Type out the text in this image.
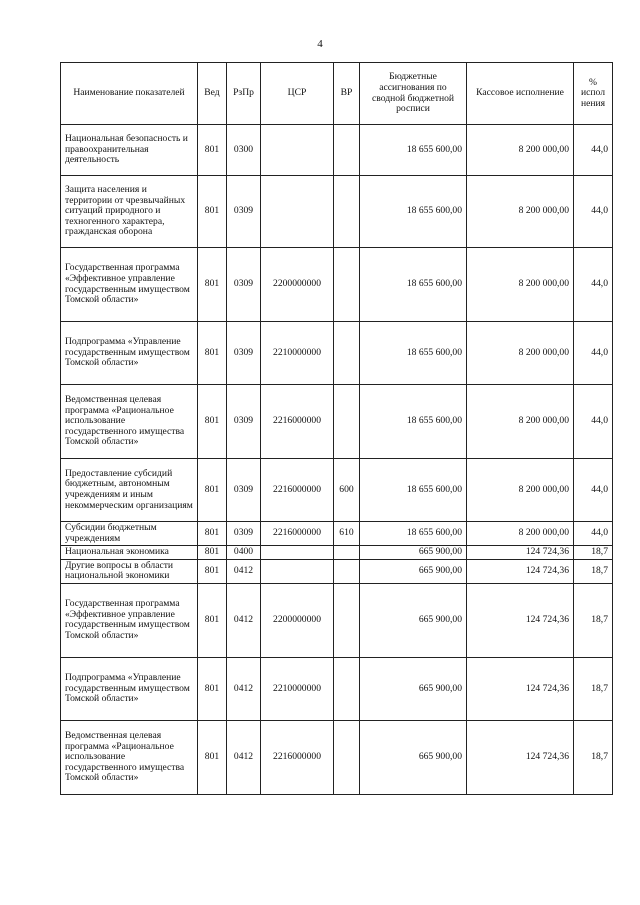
4
Наименование показателей	Вед	РзПр	ЦСР	ВР	Бюджетные ассигнования по сводной бюджетной росписи	Кассовое исполнение	% испол нения
Национальная безопасность и правоохранительная деятельность	801	0300			18 655 600,00	8 200 000,00	44,0
Защита населения и территории от чрезвычайных ситуаций природного и техногенного характера, гражданская оборона	801	0309			18 655 600,00	8 200 000,00	44,0
Государственная программа «Эффективное управление государственным имуществом Томской области»	801	0309	2200000000		18 655 600,00	8 200 000,00	44,0
Подпрограмма «Управление государственным имуществом Томской области»	801	0309	2210000000		18 655 600,00	8 200 000,00	44,0
Ведомственная целевая программа «Рациональное использование государственного имущества Томской области»	801	0309	2216000000		18 655 600,00	8 200 000,00	44,0
Предоставление субсидий бюджетным, автономным учреждениям и иным некоммерческим организациям	801	0309	2216000000	600	18 655 600,00	8 200 000,00	44,0
Субсидии бюджетным учреждениям	801	0309	2216000000	610	18 655 600,00	8 200 000,00	44,0
Национальная экономика	801	0400			665 900,00	124 724,36	18,7
Другие вопросы в области национальной экономики	801	0412			665 900,00	124 724,36	18,7
Государственная программа «Эффективное управление государственным имуществом Томской области»	801	0412	2200000000		665 900,00	124 724,36	18,7
Подпрограмма «Управление государственным имуществом Томской области»	801	0412	2210000000		665 900,00	124 724,36	18,7
Ведомственная целевая программа «Рациональное использование государственного имущества Томской области»	801	0412	2216000000		665 900,00	124 724,36	18,7
